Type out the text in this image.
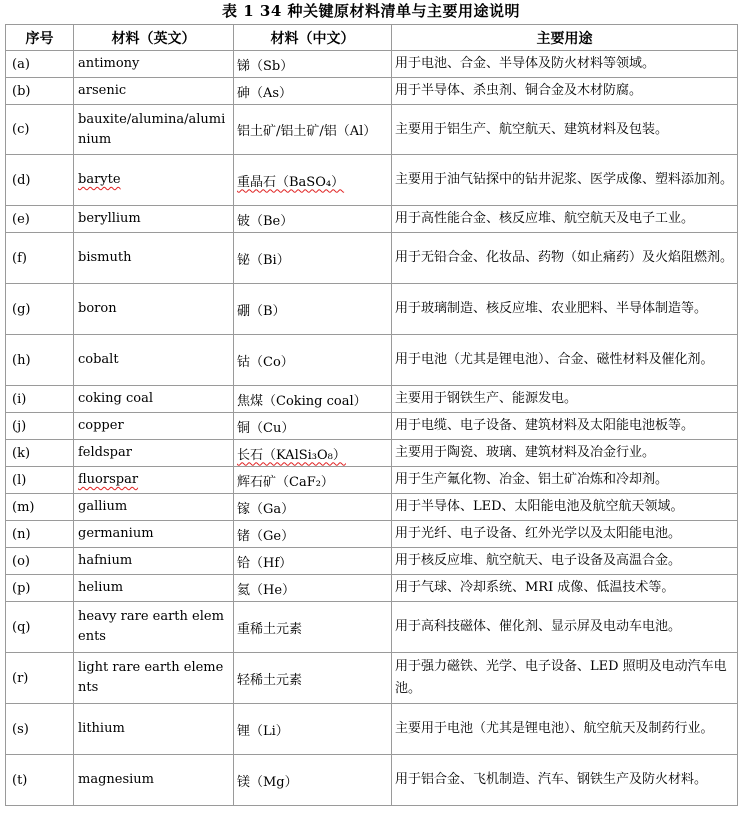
表 1 34 种关键原材料清单与主要用途说明
序号	材料（英文）	材料（中文）	主要用途
(a)	antimony	锑（Sb）	用于电池、合金、半导体及防火材料等领域。
(b)	arsenic	砷（As）	用于半导体、杀虫剂、铜合金及木材防腐。
(c)	bauxite/alumina/aluminium	铝土矿/铝土矿/铝（Al）	主要用于铝生产、航空航天、建筑材料及包装。
(d)	baryte	重晶石（BaSO₄）	主要用于油气钻探中的钻井泥浆、医学成像、塑料添加剂。
(e)	beryllium	铍（Be）	用于高性能合金、核反应堆、航空航天及电子工业。
(f)	bismuth	铋（Bi）	用于无铅合金、化妆品、药物（如止痛药）及火焰阻燃剂。
(g)	boron	硼（B）	用于玻璃制造、核反应堆、农业肥料、半导体制造等。
(h)	cobalt	钴（Co）	用于电池（尤其是锂电池）、合金、磁性材料及催化剂。
(i)	coking coal	焦煤（Coking coal）	主要用于钢铁生产、能源发电。
(j)	copper	铜（Cu）	用于电缆、电子设备、建筑材料及太阳能电池板等。
(k)	feldspar	长石（KAlSi₃O₈）	主要用于陶瓷、玻璃、建筑材料及冶金行业。
(l)	fluorspar	辉石矿（CaF₂）	用于生产氟化物、冶金、铝土矿冶炼和冷却剂。
(m)	gallium	镓（Ga）	用于半导体、LED、太阳能电池及航空航天领域。
(n)	germanium	锗（Ge）	用于光纤、电子设备、红外光学以及太阳能电池。
(o)	hafnium	铪（Hf）	用于核反应堆、航空航天、电子设备及高温合金。
(p)	helium	氦（He）	用于气球、冷却系统、MRI 成像、低温技术等。
(q)	heavy rare earth elements	重稀土元素	用于高科技磁体、催化剂、显示屏及电动车电池。
(r)	light rare earth elements	轻稀土元素	用于强力磁铁、光学、电子设备、LED 照明及电动汽车电池。
(s)	lithium	锂（Li）	主要用于电池（尤其是锂电池）、航空航天及制药行业。
(t)	magnesium	镁（Mg）	用于铝合金、飞机制造、汽车、钢铁生产及防火材料。
